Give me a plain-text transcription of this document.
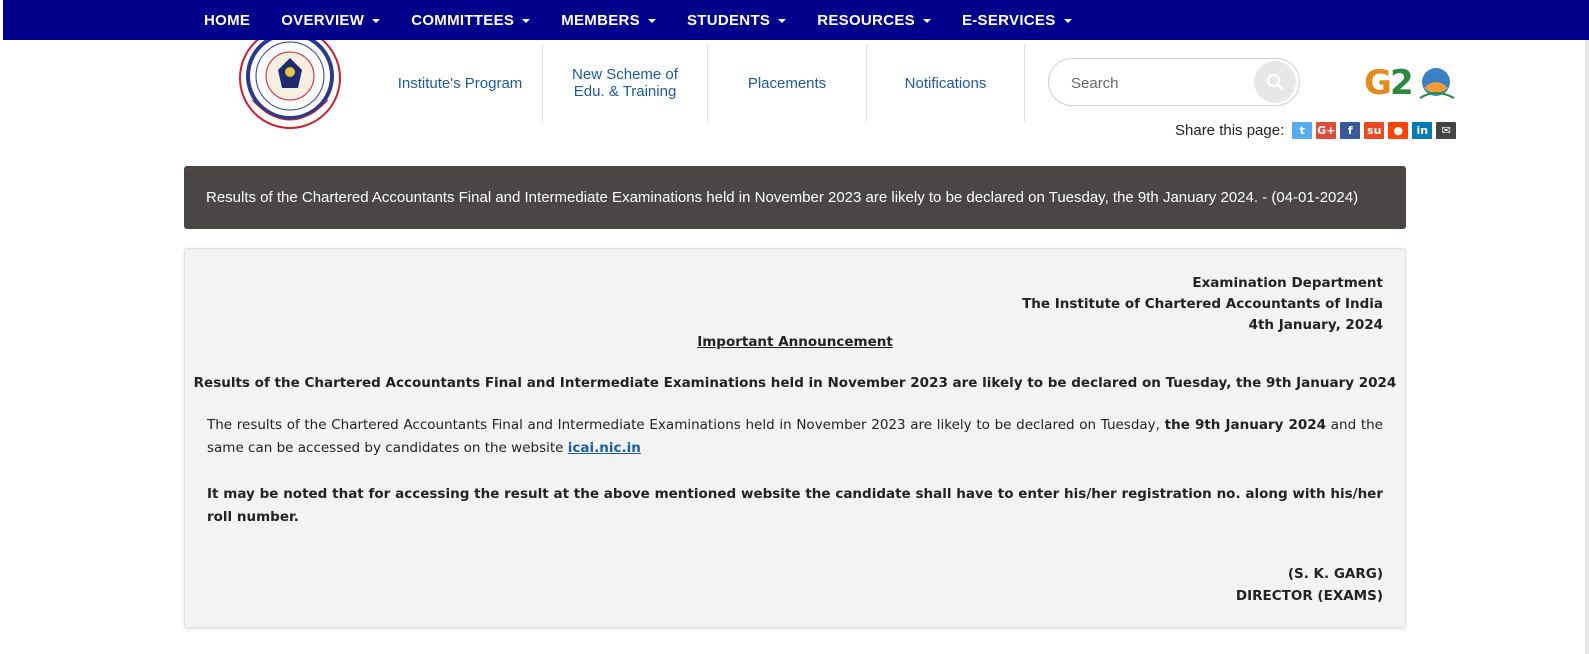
HOME OVERVIEW	COMMITTEES	MEMBERS	STUDENTS	RESOURCES	E-SERVICES
Institute's Program	New Scheme of
Edu. & Training	Placements	Notifications
Search	G
2
Share this page:	t	G+	f	su	●	in	✉
Results of the Chartered Accountants Final and Intermediate Examinations held in November 2023 are likely to be declared on Tuesday, the 9th January 2024. - (04-01-2024)
Examination Department
The Institute of Chartered Accountants of India
4th January, 2024
Important Announcement
Results of the Chartered Accountants Final and Intermediate Examinations held in November 2023 are likely to be declared on Tuesday, the 9th January 2024
The results of the Chartered Accountants Final and Intermediate Examinations held in November 2023 are likely to be declared on Tuesday, the 9th January 2024 and the same can be accessed by candidates on the website icai.nic.in
It may be noted that for accessing the result at the above mentioned website the candidate shall have to enter his/her registration no. along with his/her roll number.
(S. K. GARG)
DIRECTOR (EXAMS)
